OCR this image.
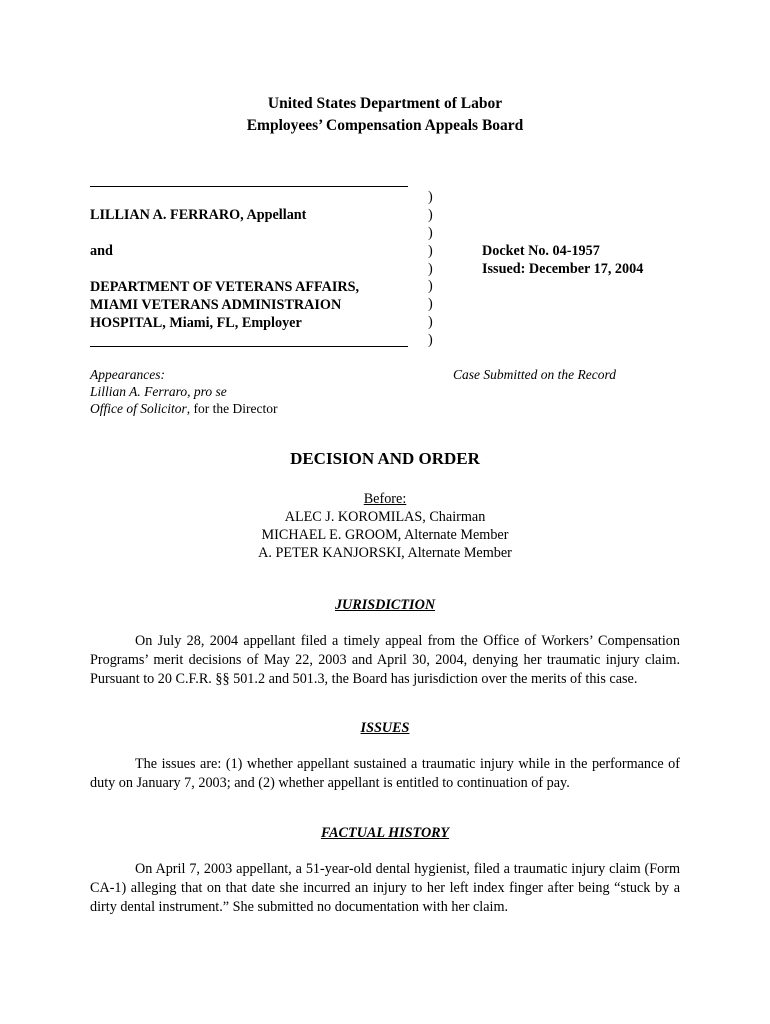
United States Department of Labor
Employees’ Compensation Appeals Board
)
)
)
)
)
)
)
)
)
LILLIAN A. FERRARO, Appellant
and
DEPARTMENT OF VETERANS AFFAIRS,
MIAMI VETERANS ADMINISTRAION
HOSPITAL, Miami, FL, Employer
Docket No. 04-1957
Issued: December 17, 2004
Appearances:
Lillian A. Ferraro, pro se
Office of Solicitor, for the Director
Case Submitted on the Record
DECISION AND ORDER
Before:
ALEC J. KOROMILAS, Chairman
MICHAEL E. GROOM, Alternate Member
A. PETER KANJORSKI, Alternate Member
JURISDICTION
On July 28, 2004 appellant filed a timely appeal from the Office of Workers’ Compensation Programs’ merit decisions of May 22, 2003 and April 30, 2004, denying her traumatic injury claim. Pursuant to 20 C.F.R. §§ 501.2 and 501.3, the Board has jurisdiction over the merits of this case.
ISSUES
The issues are: (1) whether appellant sustained a traumatic injury while in the performance of duty on January 7, 2003; and (2) whether appellant is entitled to continuation of pay.
FACTUAL HISTORY
On April 7, 2003 appellant, a 51-year-old dental hygienist, filed a traumatic injury claim (Form CA-1) alleging that on that date she incurred an injury to her left index finger after being “stuck by a dirty dental instrument.” She submitted no documentation with her claim.
